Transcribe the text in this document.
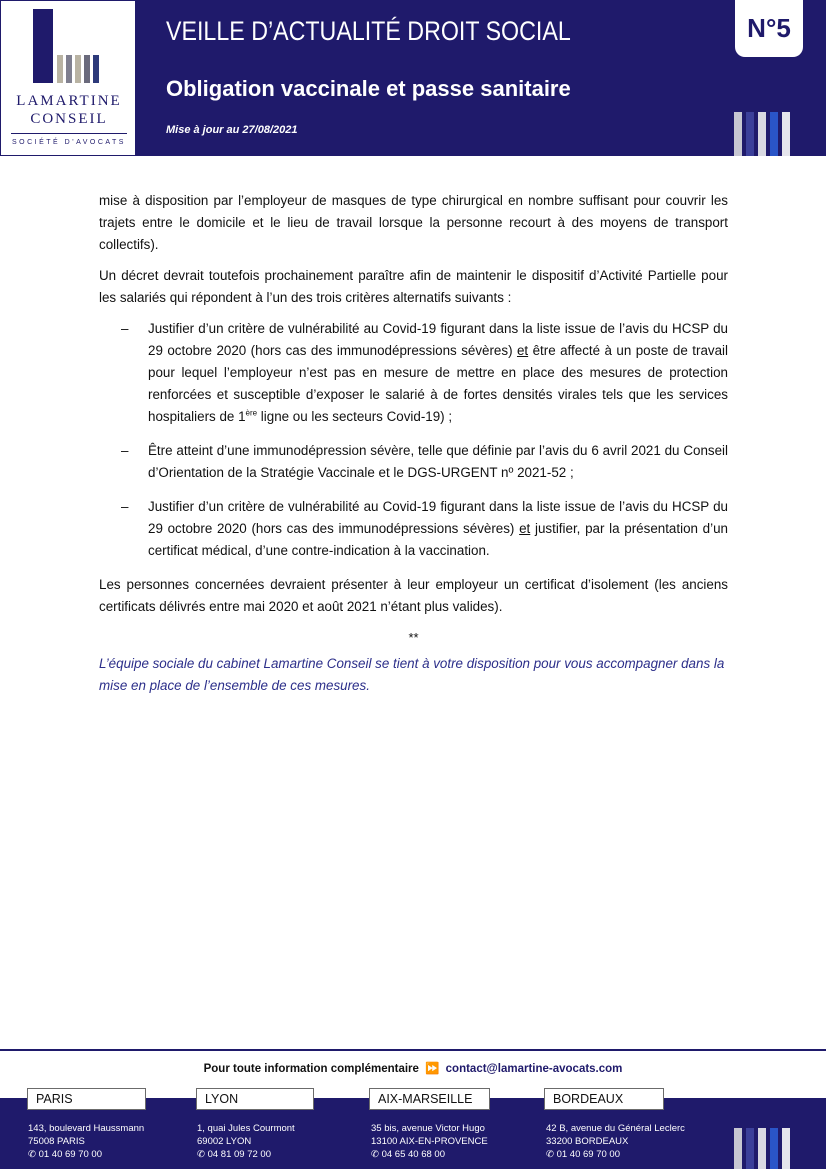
LAMARTINE
CONSEIL
SOCIÉTÉ D'AVOCATS
VEILLE D’ACTUALITÉ DROIT SOCIAL
Obligation vaccinale et passe sanitaire
Mise à jour au 27/08/2021
N°5

mise à disposition par l’employeur de masques de type chirurgical en nombre suffisant pour couvrir les trajets entre le domicile et le lieu de travail lorsque la personne recourt à des moyens de transport collectifs).

Un décret devrait toutefois prochainement paraître afin de maintenir le dispositif d’Activité Partielle pour les salariés qui répondent à l’un des trois critères alternatifs suivants :

– Justifier d’un critère de vulnérabilité au Covid-19 figurant dans la liste issue de l’avis du HCSP du 29 octobre 2020 (hors cas des immunodépressions sévères) et être affecté à un poste de travail pour lequel l’employeur n’est pas en mesure de mettre en place des mesures de protection renforcées et susceptible d’exposer le salarié à de fortes densités virales tels que les services hospitaliers de 1ère ligne ou les secteurs Covid-19) ;
– Être atteint d’une immunodépression sévère, telle que définie par l’avis du 6 avril 2021 du Conseil d’Orientation de la Stratégie Vaccinale et le DGS-URGENT nº 2021-52 ;
– Justifier d’un critère de vulnérabilité au Covid-19 figurant dans la liste issue de l’avis du HCSP du 29 octobre 2020 (hors cas des immunodépressions sévères) et justifier, par la présentation d’un certificat médical, d’une contre-indication à la vaccination.

Les personnes concernées devraient présenter à leur employeur un certificat d’isolement (les anciens certificats délivrés entre mai 2020 et août 2021 n’étant plus valides).

**

L’équipe sociale du cabinet Lamartine Conseil se tient à votre disposition pour vous accompagner dans la mise en place de l’ensemble de ces mesures.

Pour toute information complémentaire ⏩ contact@lamartine-avocats.com
PARIS
143, boulevard Haussmann
75008 PARIS
✆ 01 40 69 70 00
LYON
1, quai Jules Courmont
69002 LYON
✆ 04 81 09 72 00
AIX-MARSEILLE
35 bis, avenue Victor Hugo
13100 AIX-EN-PROVENCE
✆ 04 65 40 68 00
BORDEAUX
42 B, avenue du Général Leclerc
33200 BORDEAUX
✆ 01 40 69 70 00
